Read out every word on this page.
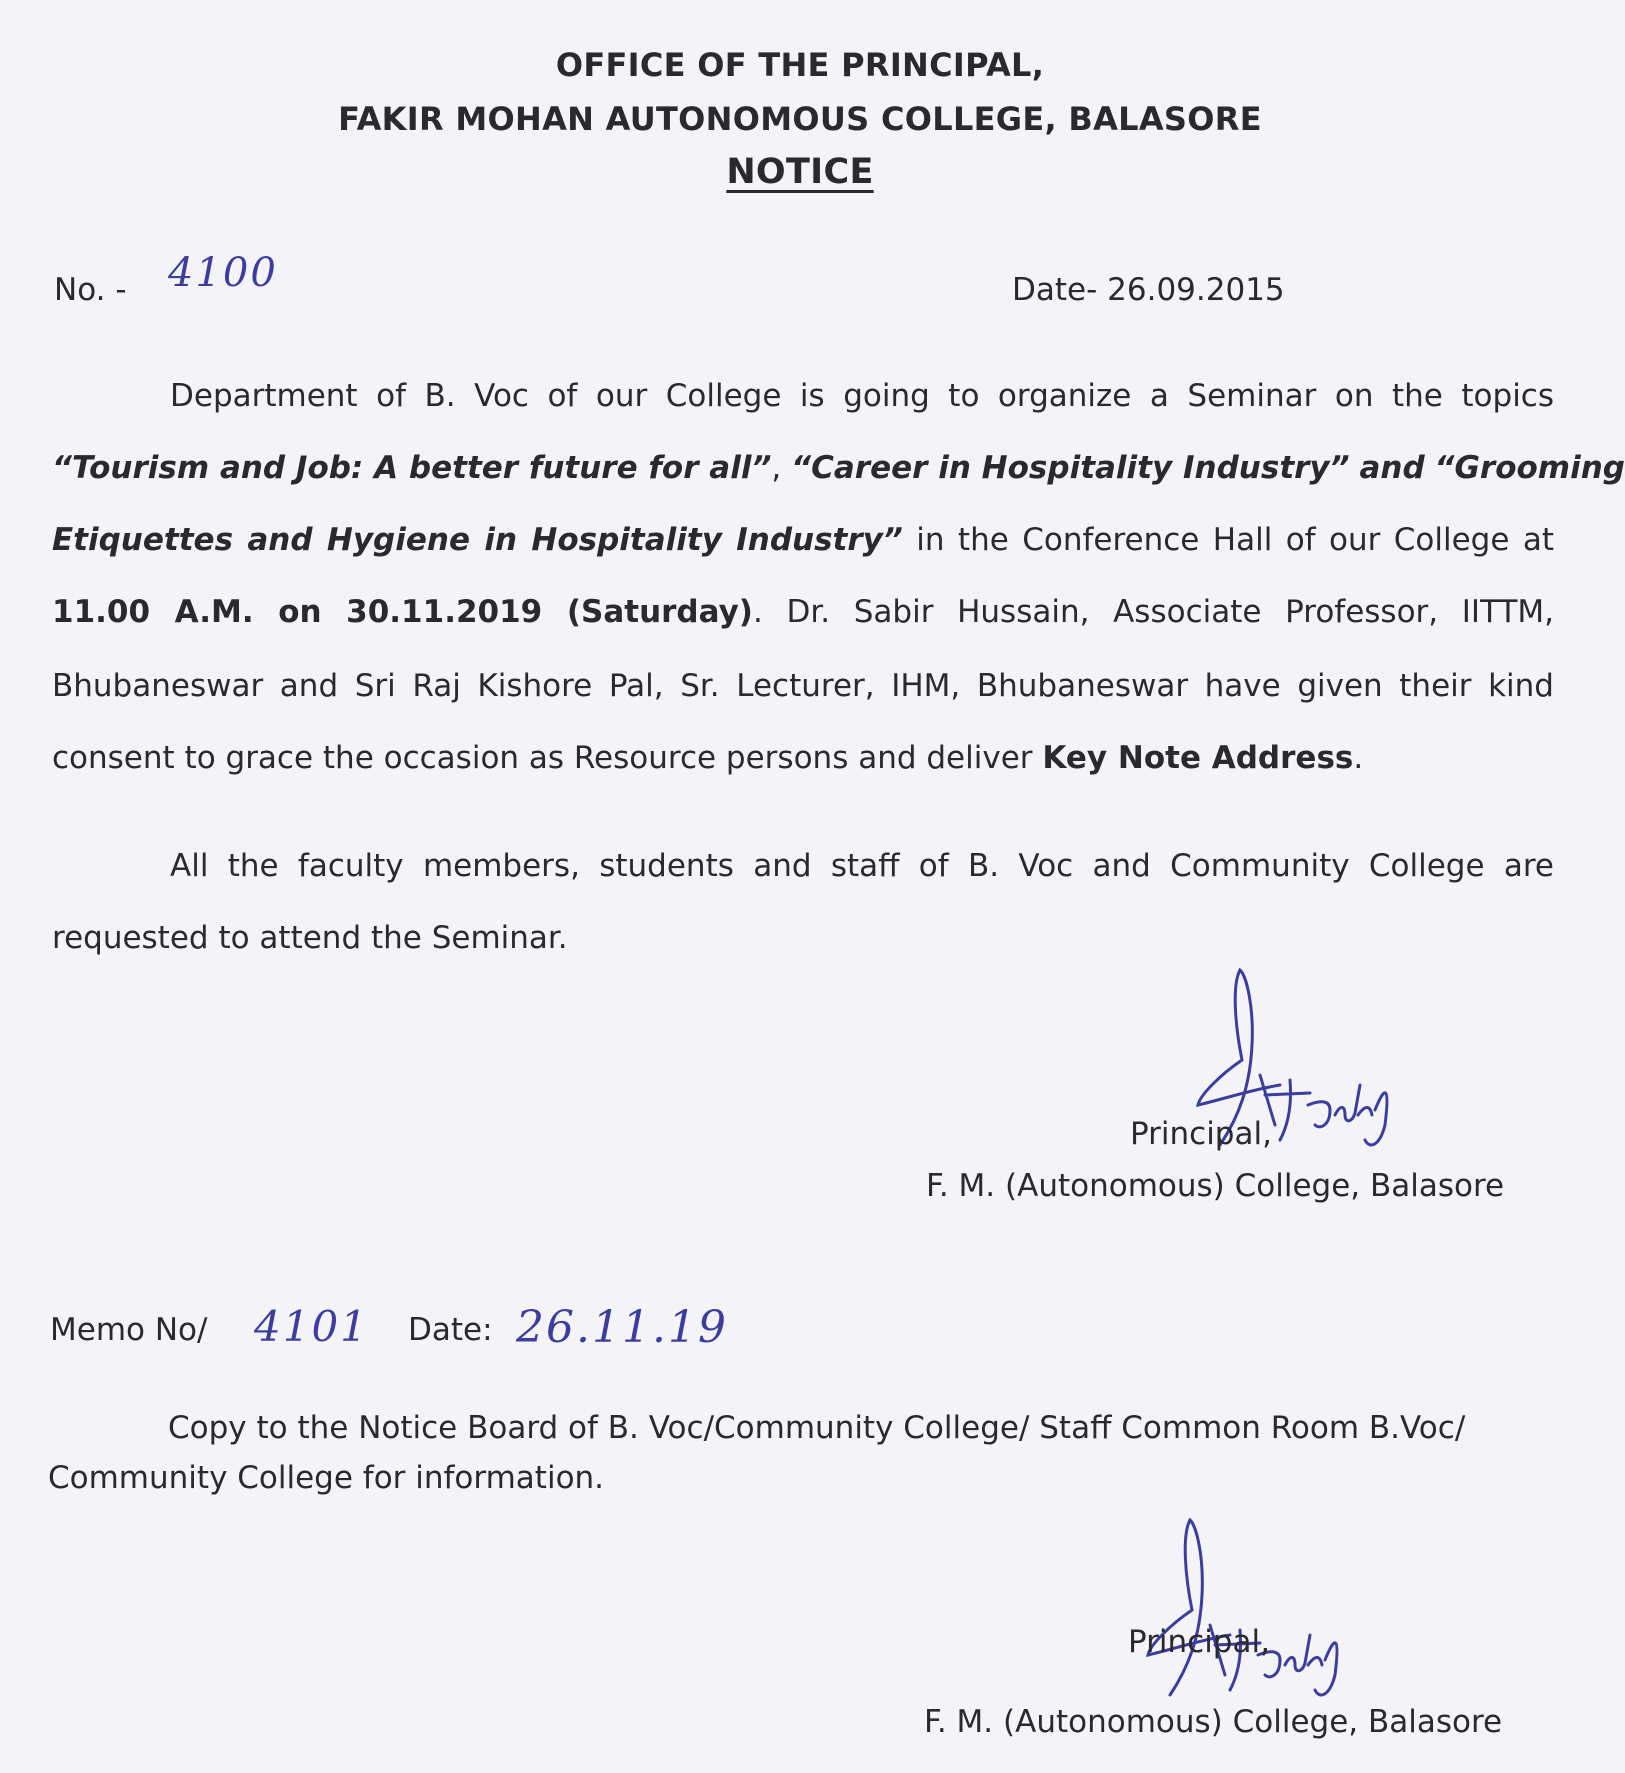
OFFICE OF THE PRINCIPAL,
FAKIR MOHAN AUTONOMOUS COLLEGE, BALASORE
NOTICE
No. - 4100	Date- 26.09.2015
Department of B. Voc of our College is going to organize a Seminar on the topics
“Tourism and Job: A better future for all”, “Career in Hospitality Industry” and “Grooming
Etiquettes and Hygiene in Hospitality Industry” in the Conference Hall of our College at
11.00 A.M. on 30.11.2019 (Saturday). Dr. Sabir Hussain, Associate Professor, IITTM,
Bhubaneswar and Sri Raj Kishore Pal, Sr. Lecturer, IHM, Bhubaneswar have given their kind
consent to grace the occasion as Resource persons and deliver Key Note Address.
All the faculty members, students and staff of B. Voc and Community College are
requested to attend the Seminar.
Principal,
F. M. (Autonomous) College, Balasore
Memo No/ 4101 Date: 26.11.19
Copy to the Notice Board of B. Voc/Community College/ Staff Common Room B.Voc/
Community College for information.
Principal,
F. M. (Autonomous) College, Balasore
